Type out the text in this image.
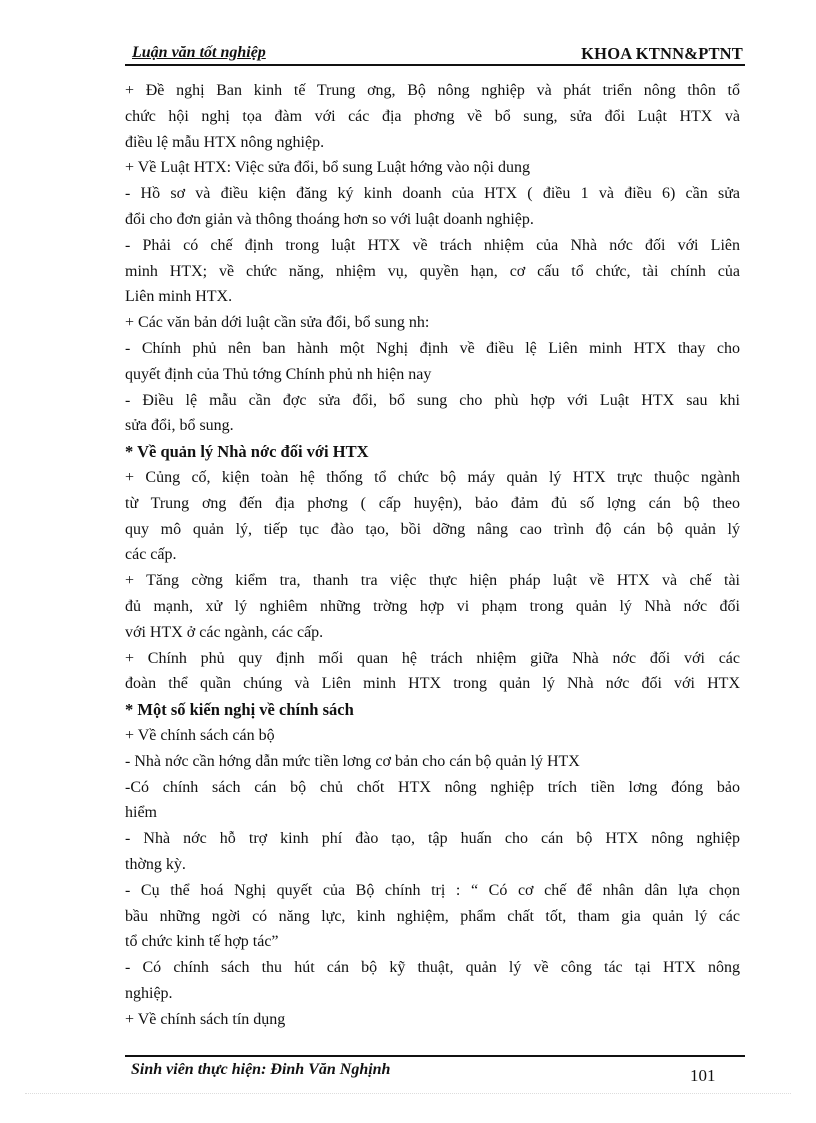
Luận văn tốt nghiệp	KHOA KTNN&PTNT
+ Đề nghị Ban kinh tế Trung ơng, Bộ nông nghiệp và phát triển nông thôn tổ
chức hội nghị tọa đàm với các địa phơng về bổ sung, sửa đổi Luật HTX và
điều lệ mẫu HTX nông nghiệp.
+ Về Luật HTX: Việc sửa đổi, bổ sung Luật hớng vào nội dung
- Hồ sơ và điều kiện đăng ký kinh doanh của HTX ( điều 1 và điều 6) cần sửa
đổi cho đơn giản và thông thoáng hơn so với luật doanh nghiệp.
- Phải có chế định trong luật HTX về trách nhiệm của Nhà nớc đối với Liên
minh HTX; về chức năng, nhiệm vụ, quyền hạn, cơ cấu tổ chức, tài chính của
Liên minh HTX.
+ Các văn bản dới luật cần sửa đổi, bổ sung nh:
- Chính phủ nên ban hành một Nghị định về điều lệ Liên minh HTX thay cho
quyết định của Thủ tớng Chính phủ nh hiện nay
- Điều lệ mẫu cần đợc sửa đổi, bổ sung cho phù hợp với Luật HTX sau khi
sửa đổi, bổ sung.
* Về quản lý Nhà nớc đối với HTX
+ Củng cố, kiện toàn hệ thống tổ chức bộ máy quản lý HTX trực thuộc ngành
từ Trung ơng đến địa phơng ( cấp huyện), bảo đảm đủ số lợng cán bộ theo
quy mô quản lý, tiếp tục đào tạo, bồi dỡng nâng cao trình độ cán bộ quản lý
các cấp.
+ Tăng cờng kiểm tra, thanh tra việc thực hiện pháp luật về HTX và chế tài
đủ mạnh, xử lý nghiêm những trờng hợp vi phạm trong quản lý Nhà nớc đối
với HTX ở các ngành, các cấp.
+ Chính phủ quy định mối quan hệ trách nhiệm giữa Nhà nớc đối với các
đoàn thể quần chúng và Liên minh HTX trong quản lý Nhà nớc đối với HTX
* Một số kiến nghị về chính sách
+ Về chính sách cán bộ
- Nhà nớc cần hớng dẫn mức tiền lơng cơ bản cho cán bộ quản lý HTX
-Có chính sách cán bộ chủ chốt HTX nông nghiệp trích tiền lơng đóng bảo
hiểm
- Nhà nớc hỗ trợ kinh phí đào tạo, tập huấn cho cán bộ HTX nông nghiệp
thờng kỳ.
- Cụ thể hoá Nghị quyết của Bộ chính trị : “ Có cơ chế để nhân dân lựa chọn
bầu những ngời có năng lực, kinh nghiệm, phẩm chất tốt, tham gia quản lý các
tổ chức kinh tế hợp tác”
- Có chính sách thu hút cán bộ kỹ thuật, quản lý về công tác tại HTX nông
nghiệp.
+ Về chính sách tín dụng
Sinh viên thực hiện: Đinh Văn Nghịnh	101
